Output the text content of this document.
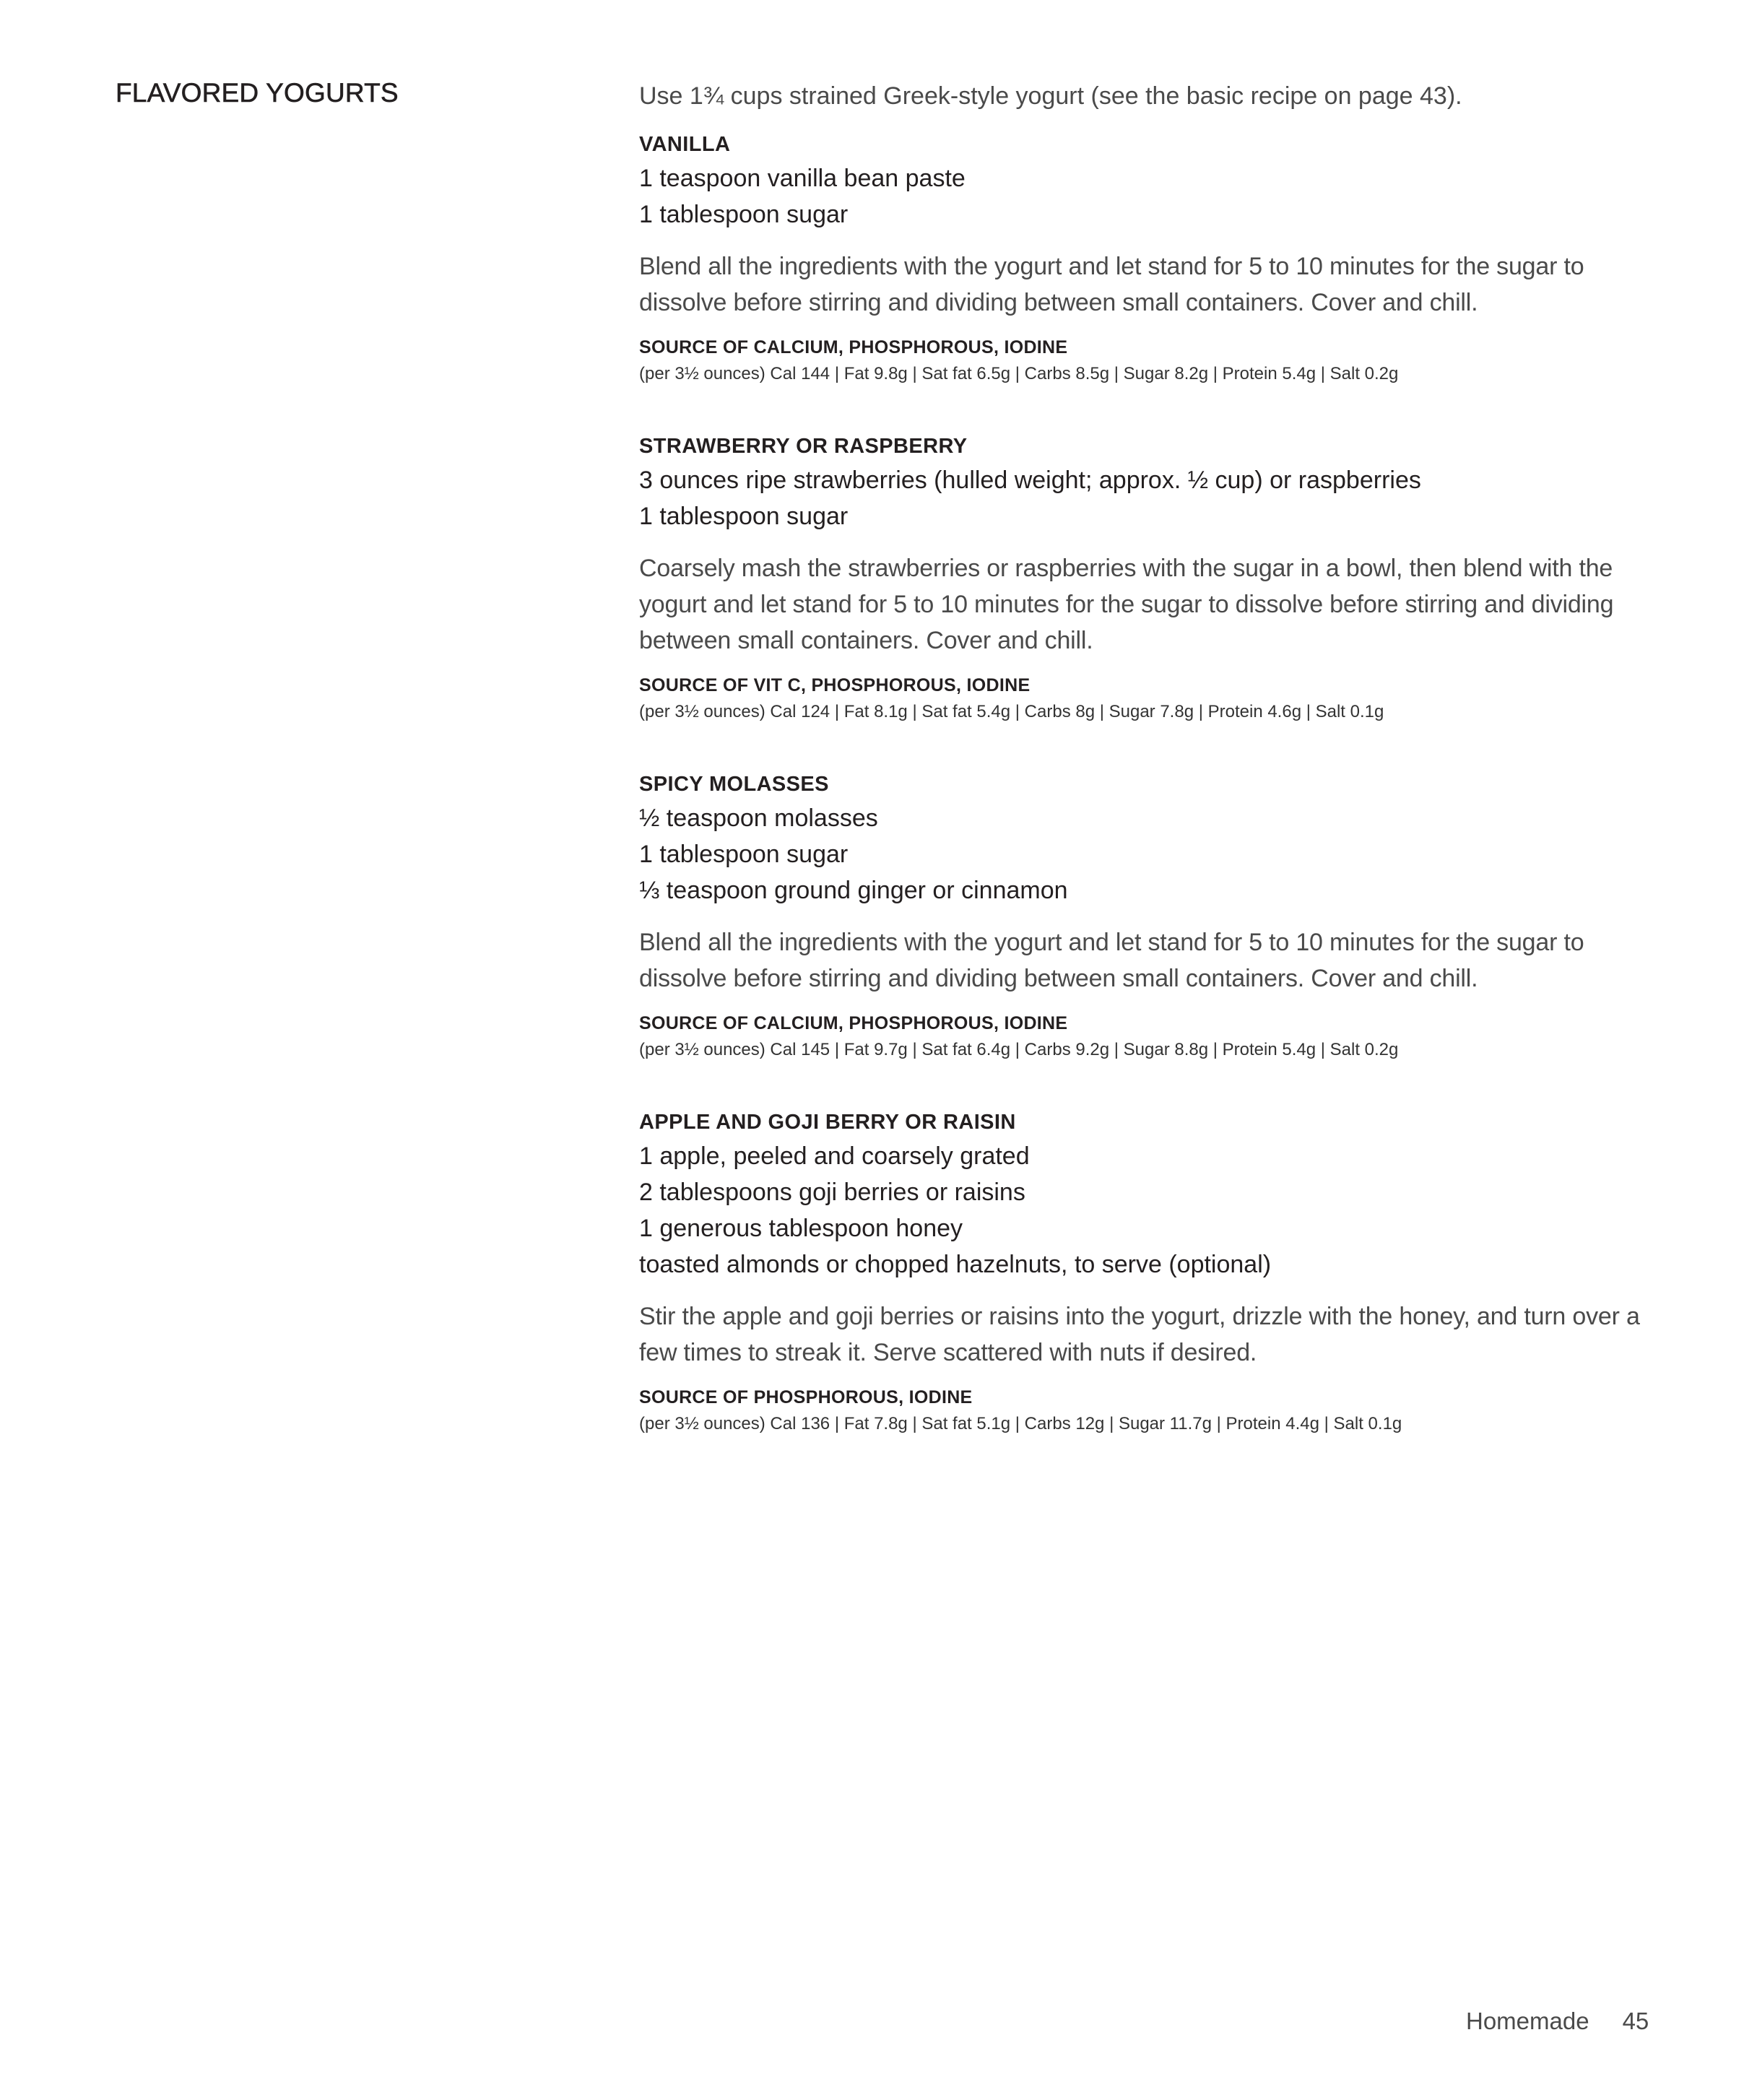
FLAVORED YOGURTS	Use 1¾ cups strained Greek-style yogurt (see the basic recipe on page 43).

VANILLA
1 teaspoon vanilla bean paste
1 tablespoon sugar

Blend all the ingredients with the yogurt and let stand for 5 to 10 minutes for the sugar to dissolve before stirring and dividing between small containers. Cover and chill.

SOURCE OF CALCIUM, PHOSPHOROUS, IODINE

(per 3½ ounces) Cal 144 | Fat 9.8g | Sat fat 6.5g | Carbs 8.5g | Sugar 8.2g | Protein 5.4g | Salt 0.2g

STRAWBERRY OR RASPBERRY
3 ounces ripe strawberries (hulled weight; approx. ½ cup) or raspberries
1 tablespoon sugar

Coarsely mash the strawberries or raspberries with the sugar in a bowl, then blend with the yogurt and let stand for 5 to 10 minutes for the sugar to dissolve before stirring and dividing between small containers. Cover and chill.

SOURCE OF VIT C, PHOSPHOROUS, IODINE

(per 3½ ounces) Cal 124 | Fat 8.1g | Sat fat 5.4g | Carbs 8g | Sugar 7.8g | Protein 4.6g | Salt 0.1g

SPICY MOLASSES
½ teaspoon molasses
1 tablespoon sugar
⅓ teaspoon ground ginger or cinnamon

Blend all the ingredients with the yogurt and let stand for 5 to 10 minutes for the sugar to dissolve before stirring and dividing between small containers. Cover and chill.

SOURCE OF CALCIUM, PHOSPHOROUS, IODINE

(per 3½ ounces) Cal 145 | Fat 9.7g | Sat fat 6.4g | Carbs 9.2g | Sugar 8.8g | Protein 5.4g | Salt 0.2g

APPLE AND GOJI BERRY OR RAISIN
1 apple, peeled and coarsely grated
2 tablespoons goji berries or raisins
1 generous tablespoon honey
toasted almonds or chopped hazelnuts, to serve (optional)

Stir the apple and goji berries or raisins into the yogurt, drizzle with the honey, and turn over a few times to streak it. Serve scattered with nuts if desired.

SOURCE OF PHOSPHOROUS, IODINE

(per 3½ ounces) Cal 136 | Fat 7.8g | Sat fat 5.1g | Carbs 12g | Sugar 11.7g | Protein 4.4g | Salt 0.1g

Homemade 45
